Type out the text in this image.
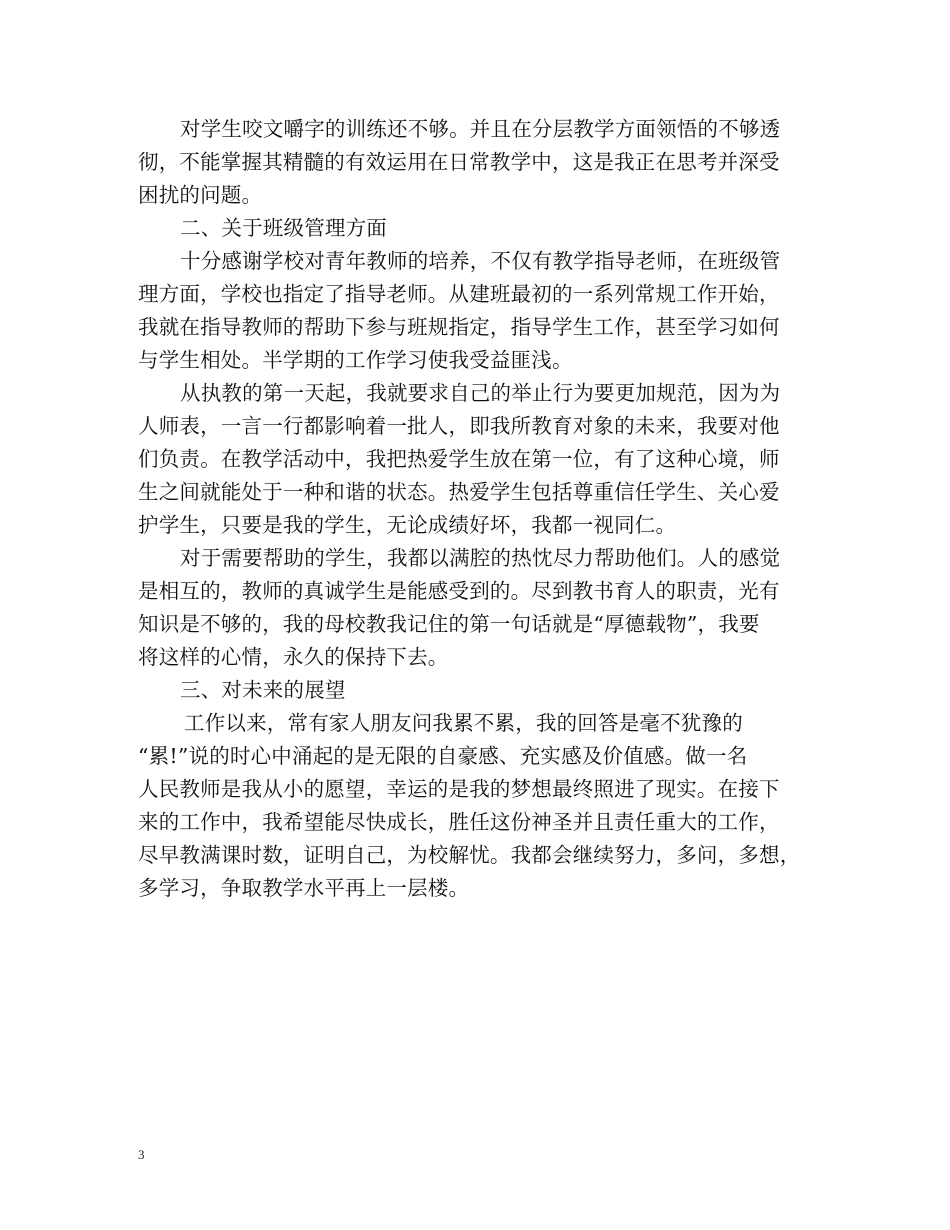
对学生咬文嚼字的训练还不够。并且在分层教学方面领悟的不够透
彻，不能掌握其精髓的有效运用在日常教学中，这是我正在思考并深受
困扰的问题。
二、关于班级管理方面
十分感谢学校对青年教师的培养，不仅有教学指导老师，在班级管
理方面，学校也指定了指导老师。从建班最初的一系列常规工作开始，
我就在指导教师的帮助下参与班规指定，指导学生工作，甚至学习如何
与学生相处。半学期的工作学习使我受益匪浅。
从执教的第一天起，我就要求自己的举止行为要更加规范，因为为
人师表，一言一行都影响着一批人，即我所教育对象的未来，我要对他
们负责。在教学活动中，我把热爱学生放在第一位，有了这种心境，师
生之间就能处于一种和谐的状态。热爱学生包括尊重信任学生、关心爱
护学生，只要是我的学生，无论成绩好坏，我都一视同仁。
对于需要帮助的学生，我都以满腔的热忱尽力帮助他们。人的感觉
是相互的，教师的真诚学生是能感受到的。尽到教书育人的职责，光有
知识是不够的，我的母校教我记住的第一句话就是“厚德载物”，我要
将这样的心情，永久的保持下去。
三、对未来的展望
工作以来，常有家人朋友问我累不累，我的回答是毫不犹豫的
“累!”说的时心中涌起的是无限的自豪感、充实感及价值感。做一名
人民教师是我从小的愿望，幸运的是我的梦想最终照进了现实。在接下
来的工作中，我希望能尽快成长，胜任这份神圣并且责任重大的工作，
尽早教满课时数，证明自己，为校解忧。我都会继续努力，多问，多想，
多学习，争取教学水平再上一层楼。
3
